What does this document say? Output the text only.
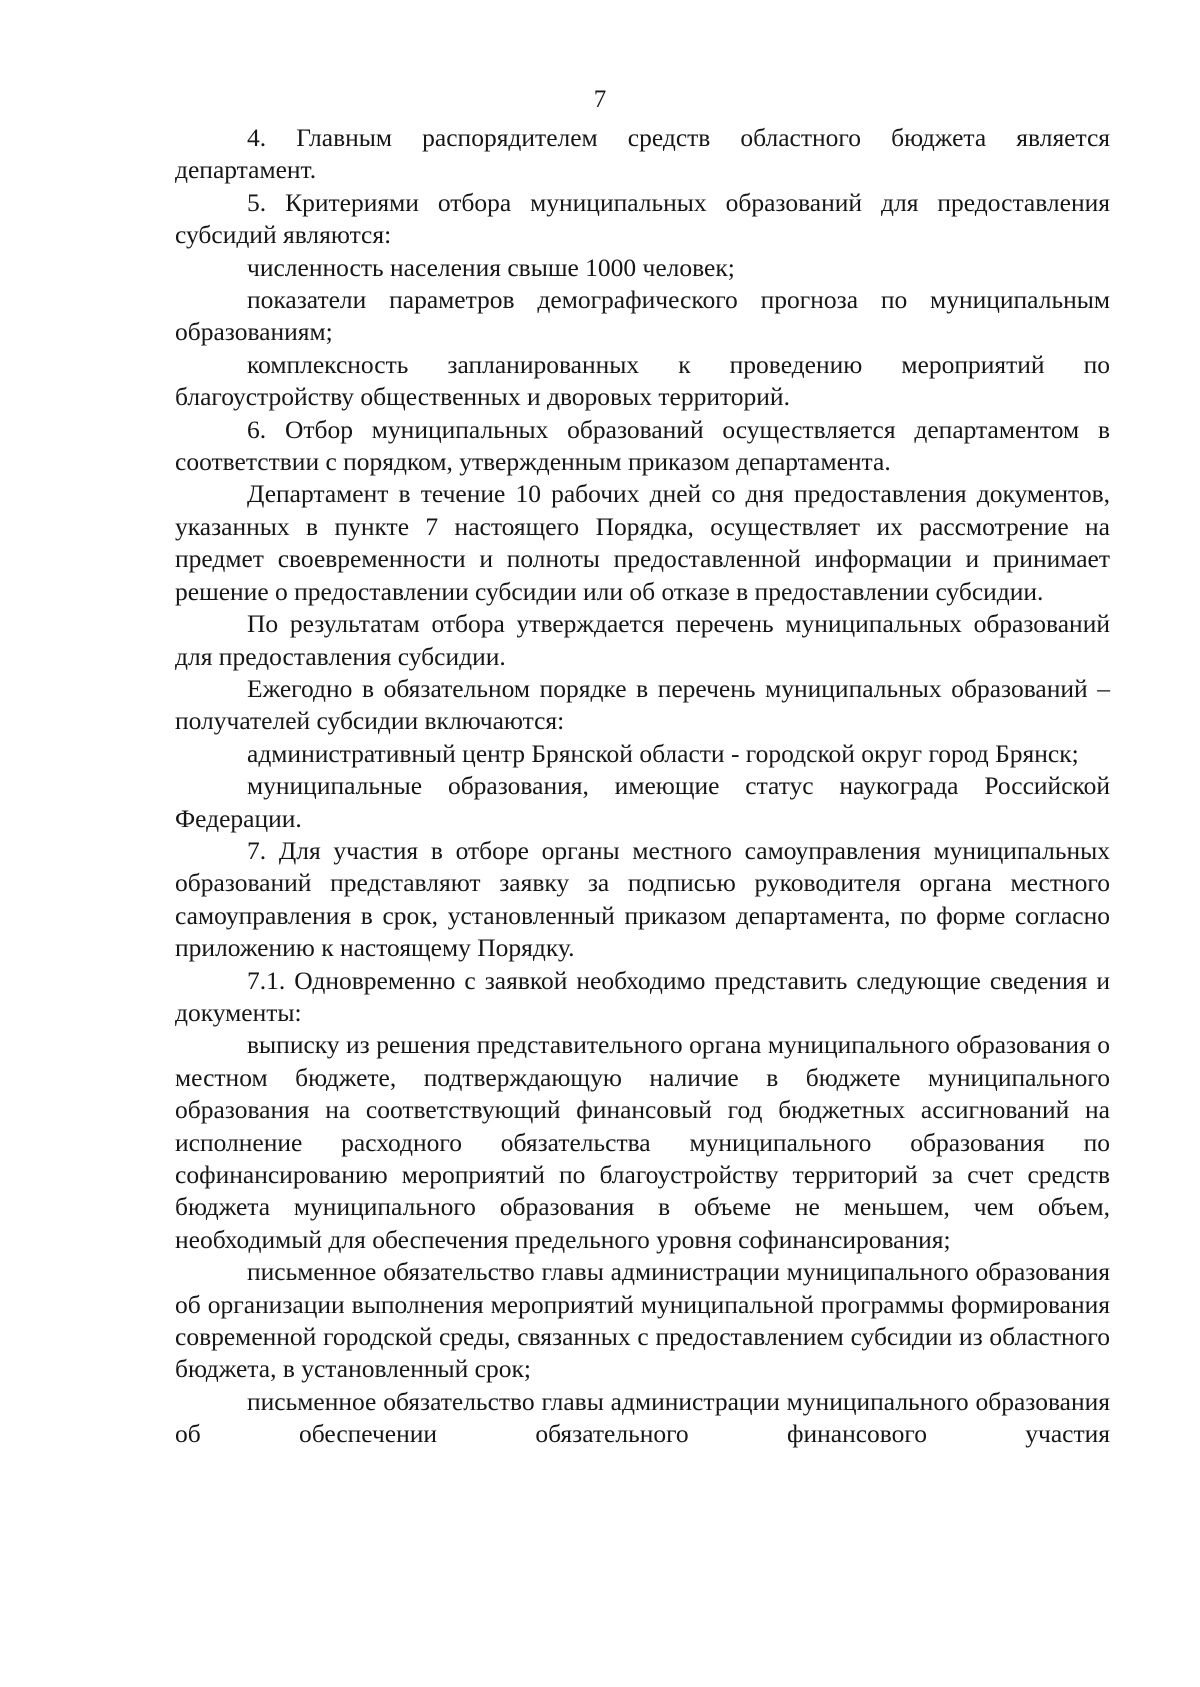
7

4. Главным распорядителем средств областного бюджета является департамент.

5. Критериями отбора муниципальных образований для предоставления субсидий являются:

численность населения свыше 1000 человек;

показатели параметров демографического прогноза по муниципальным образованиям;

комплексность запланированных к проведению мероприятий по благоустройству общественных и дворовых территорий.

6. Отбор муниципальных образований осуществляется департаментом в соответствии с порядком, утвержденным приказом департамента.

Департамент в течение 10 рабочих дней со дня предоставления документов, указанных в пункте 7 настоящего Порядка, осуществляет их рассмотрение на предмет своевременности и полноты предоставленной информации и принимает решение о предоставлении субсидии или об отказе в предоставлении субсидии.

По результатам отбора утверждается перечень муниципальных образований для предоставления субсидии.

Ежегодно в обязательном порядке в перечень муниципальных образований – получателей субсидии включаются:

административный центр Брянской области - городской округ город Брянск;

муниципальные образования, имеющие статус наукограда Российской Федерации.

7. Для участия в отборе органы местного самоуправления муниципальных образований представляют заявку за подписью руководителя органа местного самоуправления в срок, установленный приказом департамента, по форме согласно приложению к настоящему Порядку.

7.1. Одновременно с заявкой необходимо представить следующие сведения и документы:

выписку из решения представительного органа муниципального образования о местном бюджете, подтверждающую наличие в бюджете муниципального образования на соответствующий финансовый год бюджетных ассигнований на исполнение расходного обязательства муниципального образования по софинансированию мероприятий по благоустройству территорий за счет средств бюджета муниципального образования в объеме не меньшем, чем объем, необходимый для обеспечения предельного уровня софинансирования;

письменное обязательство главы администрации муниципального образования об организации выполнения мероприятий муниципальной программы формирования современной городской среды, связанных с предоставлением субсидии из областного бюджета, в установленный срок;

письменное обязательство главы администрации муниципального образования об обеспечении обязательного финансового участия
